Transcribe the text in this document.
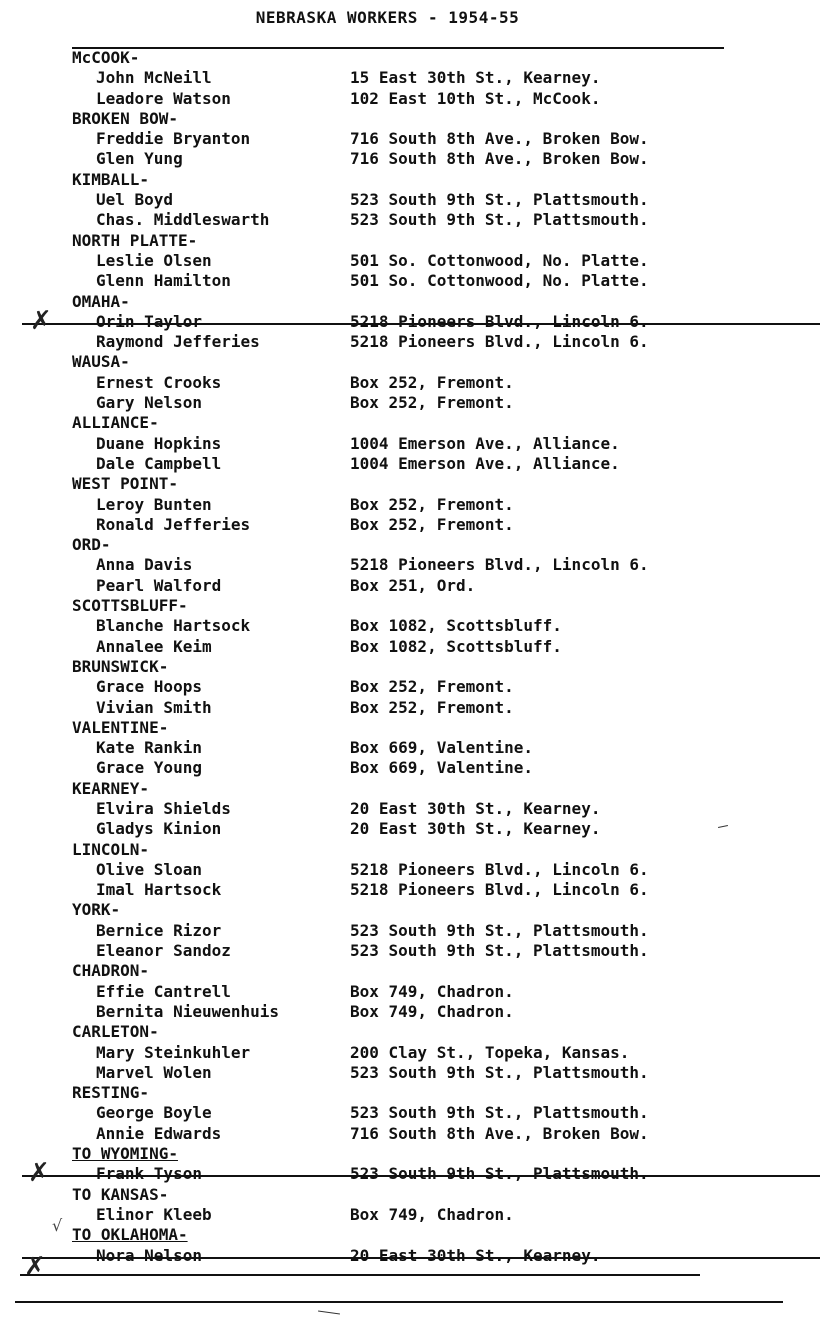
NEBRASKA WORKERS - 1954-55
McCOOK-
John McNeill	15 East 30th St., Kearney.
Leadore Watson	102 East 10th St., McCook.
BROKEN BOW-
Freddie Bryanton	716 South 8th Ave., Broken Bow.
Glen Yung	716 South 8th Ave., Broken Bow.
KIMBALL-
Uel Boyd	523 South 9th St., Plattsmouth.
Chas. Middleswarth	523 South 9th St., Plattsmouth.
NORTH PLATTE-
Leslie Olsen	501 So. Cottonwood, No. Platte.
Glenn Hamilton	501 So. Cottonwood, No. Platte.
OMAHA-
Orin Taylor	5218 Pioneers Blvd., Lincoln 6.
Raymond Jefferies	5218 Pioneers Blvd., Lincoln 6.
WAUSA-
Ernest Crooks	Box 252, Fremont.
Gary Nelson	Box 252, Fremont.
ALLIANCE-
Duane Hopkins	1004 Emerson Ave., Alliance.
Dale Campbell	1004 Emerson Ave., Alliance.
WEST POINT-
Leroy Bunten	Box 252, Fremont.
Ronald Jefferies	Box 252, Fremont.
ORD-
Anna Davis	5218 Pioneers Blvd., Lincoln 6.
Pearl Walford	Box 251, Ord.
SCOTTSBLUFF-
Blanche Hartsock	Box 1082, Scottsbluff.
Annalee Keim	Box 1082, Scottsbluff.
BRUNSWICK-
Grace Hoops	Box 252, Fremont.
Vivian Smith	Box 252, Fremont.
VALENTINE-
Kate Rankin	Box 669, Valentine.
Grace Young	Box 669, Valentine.
KEARNEY-
Elvira Shields	20 East 30th St., Kearney.
Gladys Kinion	20 East 30th St., Kearney.
LINCOLN-
Olive Sloan	5218 Pioneers Blvd., Lincoln 6.
Imal Hartsock	5218 Pioneers Blvd., Lincoln 6.
YORK-
Bernice Rizor	523 South 9th St., Plattsmouth.
Eleanor Sandoz	523 South 9th St., Plattsmouth.
CHADRON-
Effie Cantrell	Box 749, Chadron.
Bernita Nieuwenhuis	Box 749, Chadron.
CARLETON-
Mary Steinkuhler	200 Clay St., Topeka, Kansas.
Marvel Wolen	523 South 9th St., Plattsmouth.
RESTING-
George Boyle	523 South 9th St., Plattsmouth.
Annie Edwards	716 South 8th Ave., Broken Bow.
TO WYOMING-
Frank Tyson	523 South 9th St., Plattsmouth.
TO KANSAS-
Elinor Kleeb	Box 749, Chadron.
TO OKLAHOMA-
Nora Nelson	20 East 30th St., Kearney.
✗
√
✗
✗
